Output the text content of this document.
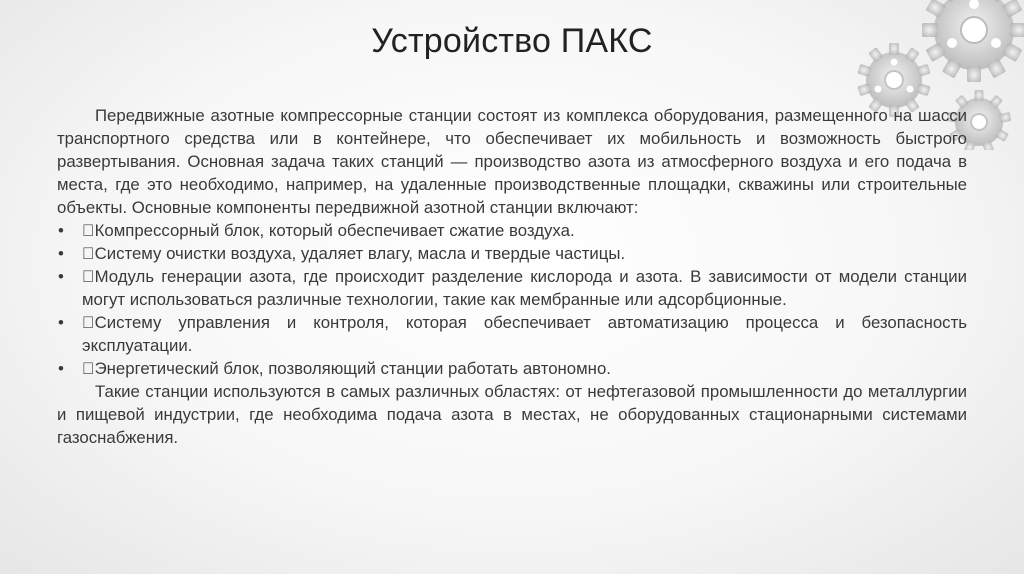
Устройство ПАКС

Передвижные азотные компрессорные станции состоят из комплекса оборудования, размещенного на шасси транспортного средства или в контейнере, что обеспечивает их мобильность и возможность быстрого развертывания. Основная задача таких станций — производство азота из атмосферного воздуха и его подача в места, где это необходимо, например, на удаленные производственные площадки, скважины или строительные объекты. Основные компоненты передвижной азотной станции включают:

• Компрессорный блок, который обеспечивает сжатие воздуха.
• Систему очистки воздуха, удаляет влагу, масла и твердые частицы.
• Модуль генерации азота, где происходит разделение кислорода и азота. В зависимости от модели станции могут использоваться различные технологии, такие как мембранные или адсорбционные.
• Систему управления и контроля, которая обеспечивает автоматизацию процесса и безопасность эксплуатации.
• Энергетический блок, позволяющий станции работать автономно.

Такие станции используются в самых различных областях: от нефтегазовой промышленности до металлургии и пищевой индустрии, где необходима подача азота в местах, не оборудованных стационарными системами газоснабжения.
